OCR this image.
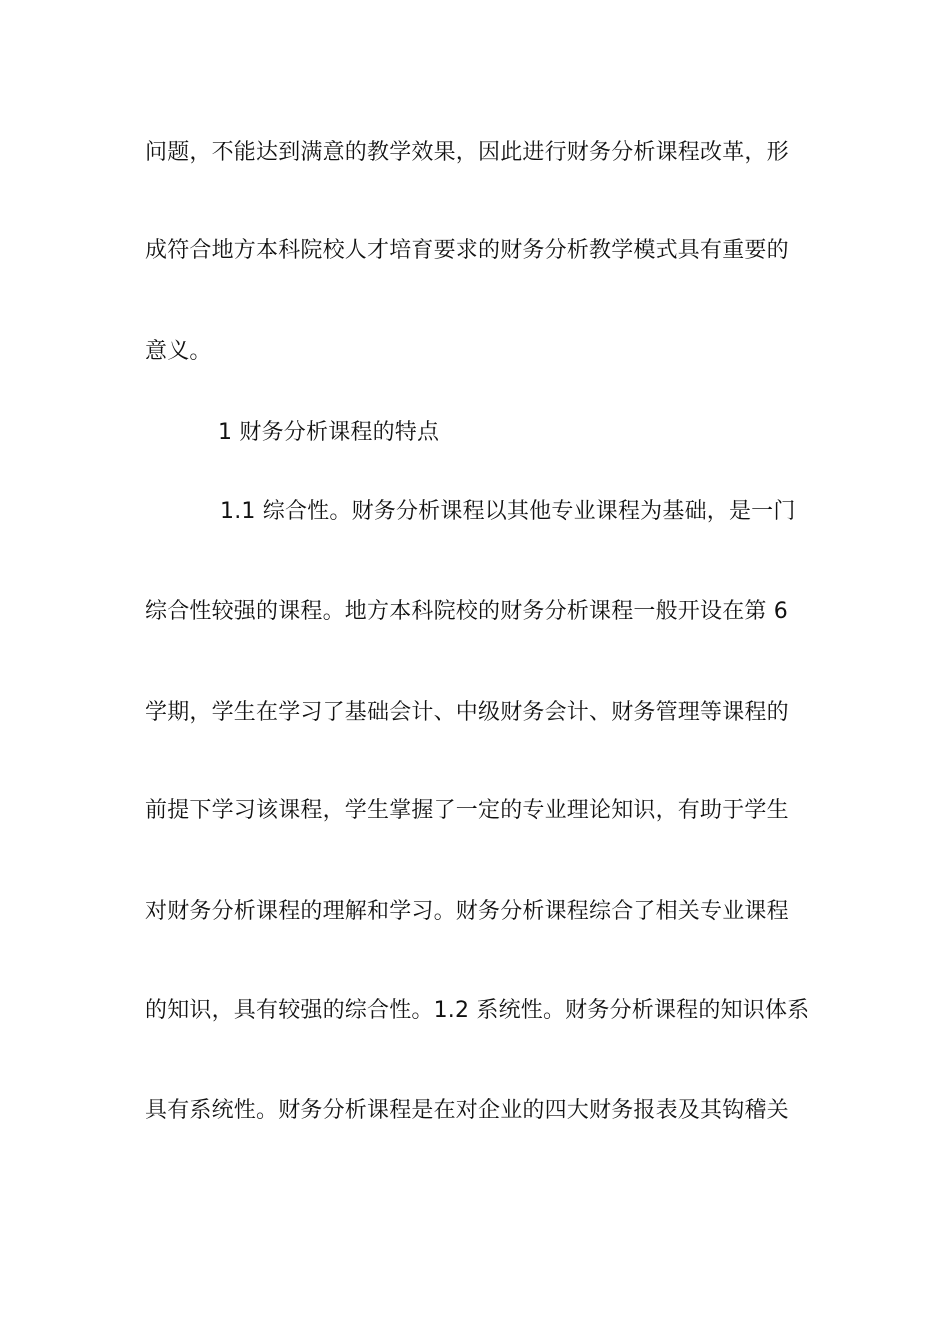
问题，不能达到满意的教学效果，因此进行财务分析课程改革，形
成符合地方本科院校人才培育要求的财务分析教学模式具有重要的
意义。
1 财务分析课程的特点
1.1 综合性。财务分析课程以其他专业课程为基础，是一门
综合性较强的课程。地方本科院校的财务分析课程一般开设在第 6
学期，学生在学习了基础会计、中级财务会计、财务管理等课程的
前提下学习该课程，学生掌握了一定的专业理论知识，有助于学生
对财务分析课程的理解和学习。财务分析课程综合了相关专业课程
的知识，具有较强的综合性。1.2 系统性。财务分析课程的知识体系
具有系统性。财务分析课程是在对企业的四大财务报表及其钩稽关
